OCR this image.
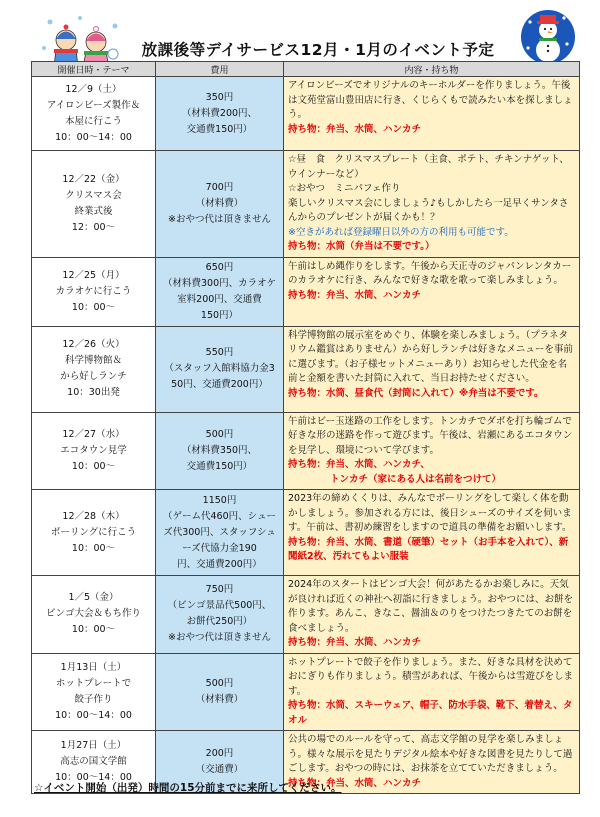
放課後等デイサービス12月・1月のイベント予定
開催日時・テーマ	費用	内容・持ち物

12／9（土）
アイロンビーズ製作＆
本屋に行こう
10：00～14：00	350円
（材料費200円、
交通費150円）	アイロンビーズでオリジナルのキーホルダーを作りましょう。午後は文苑堂富山豊田店に行き、くじらくもで読みたい本を探しましょう。
持ち物：弁当、水筒、ハンカチ

12／22（金）
クリスマス会
終業式後
12：00～	700円
（材料費）
※おやつ代は頂きません	☆昼　食　クリスマスプレート（主食、ポテト、チキンナゲット、ウインナーなど）
☆おやつ　ミニパフェ作り
楽しいクリスマス会にしましょう♪もしかしたら一足早くサンタさんからのプレゼントが届くかも！？
※空きがあれば登録曜日以外の方の利用も可能です。
持ち物：水筒（弁当は不要です。）

12／25（月）
カラオケに行こう
10：00～	650円
（材料費300円、カラオケ室料200円、交通費
150円）	午前はしめ縄作りをします。午後から天正寺のジャパンレンタカーのカラオケに行き、みんなで好きな歌を歌って楽しみましょう。
持ち物：弁当、水筒、ハンカチ

12／26（火）
科学博物館＆
から好しランチ
10：30出発	550円
（スタッフ入館料協力金3
50円、交通費200円）	科学博物館の展示室をめぐり、体験を楽しみましょう。（プラネタリウム鑑賞はありません）から好しランチは好きなメニューを事前に選びます。（お子様セットメニューあり）お知らせした代金を名前と金額を書いた封筒に入れて、当日お持たせください。
持ち物：水筒、昼食代（封筒に入れて）※弁当は不要です。

12／27（水）
エコタウン見学
10：00～	500円
（材料費350円、
交通費150円）	午前はビー玉迷路の工作をします。トンカチでダボを打ち輪ゴムで好きな形の迷路を作って遊びます。午後は、岩瀬にあるエコタウンを見学し、環境について学びます。
持ち物：弁当、水筒、ハンカチ、
トンカチ（家にある人は名前をつけて）

12／28（木）
ボーリングに行こう
10：00～	1150円
（ゲーム代460円、シューズ代300円、スタッフシューズ代協力金190
円、交通費200円）	2023年の締めくくりは、みんなでボーリングをして楽しく体を動かしましょう。参加される方には、後日シューズのサイズを伺います。午前は、書初め練習をしますので道具の準備をお願いします。
持ち物：弁当、水筒、書道（硬筆）セット（お手本を入れて）、新聞紙2枚、汚れてもよい服装

1／5（金）
ビンゴ大会＆もち作り
10：00～	750円
（ビンゴ景品代500円、
お餅代250円）
※おやつ代は頂きません	2024年のスタートはビンゴ大会！何があたるかお楽しみに。天気が良ければ近くの神社へ初詣に行きましょう。おやつには、お餅を作ります。あんこ、きなこ、醤油＆のりをつけたつきたてのお餅を食べましょう。
持ち物：弁当、水筒、ハンカチ

1月13日（土）
ホットプレートで
餃子作り
10：00～14：00	500円
（材料費）	ホットプレートで餃子を作りましょう。また、好きな具材を決めておにぎりも作りましょう。積雪があれば、午後からは雪遊びをします。
持ち物：水筒、スキーウェア、帽子、防水手袋、靴下、着替え、タオル

1月27日（土）
高志の国文学館
10：00～14：00	200円
（交通費）	公共の場でのルールを守って、高志文学館の見学を楽しみましょう。様々な展示を見たりデジタル絵本や好きな図書を見たりして過ごします。おやつの時には、お抹茶を立てていただきましょう。
持ち物：弁当、水筒、ハンカチ
☆イベント開始（出発）時間の15分前までに来所してください。
